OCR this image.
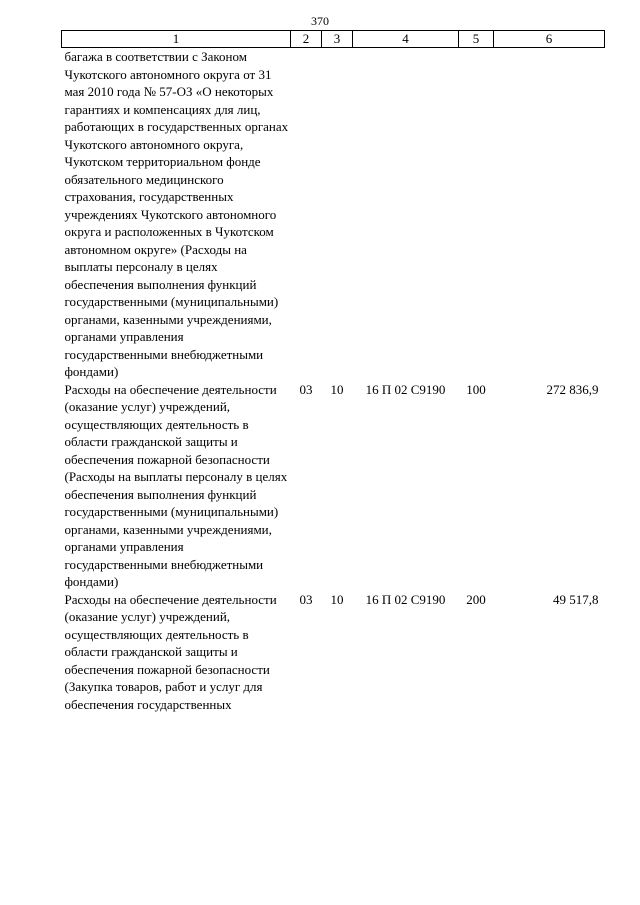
370
1	2	3	4	5	6
багажа в соответствии с Законом Чукотского автономного округа от 31 мая 2010 года № 57-ОЗ «О некоторых гарантиях и компенсациях для лиц, работающих в государственных органах Чукотского автономного округа, Чукотском территориальном фонде обязательного медицинского страхования, государственных учреждениях Чукотского автономного округа и расположенных в Чукотском автономном округе» (Расходы на выплаты персоналу в целях обеспечения выполнения функций государственными (муниципальными) органами, казенными учреждениями, органами управления государственными внебюджетными фондами)					
Расходы на обеспечение деятельности (оказание услуг) учреждений, осуществляющих деятельность в области гражданской защиты и обеспечения пожарной безопасности (Расходы на выплаты персоналу в целях обеспечения выполнения функций государственными (муниципальными) органами, казенными учреждениями, органами управления государственными внебюджетными фондами)	03	10	16 П 02 С9190	100	272 836,9
Расходы на обеспечение деятельности (оказание услуг) учреждений, осуществляющих деятельность в области гражданской защиты и обеспечения пожарной безопасности (Закупка товаров, работ и услуг для обеспечения государственных	03	10	16 П 02 С9190	200	49 517,8
